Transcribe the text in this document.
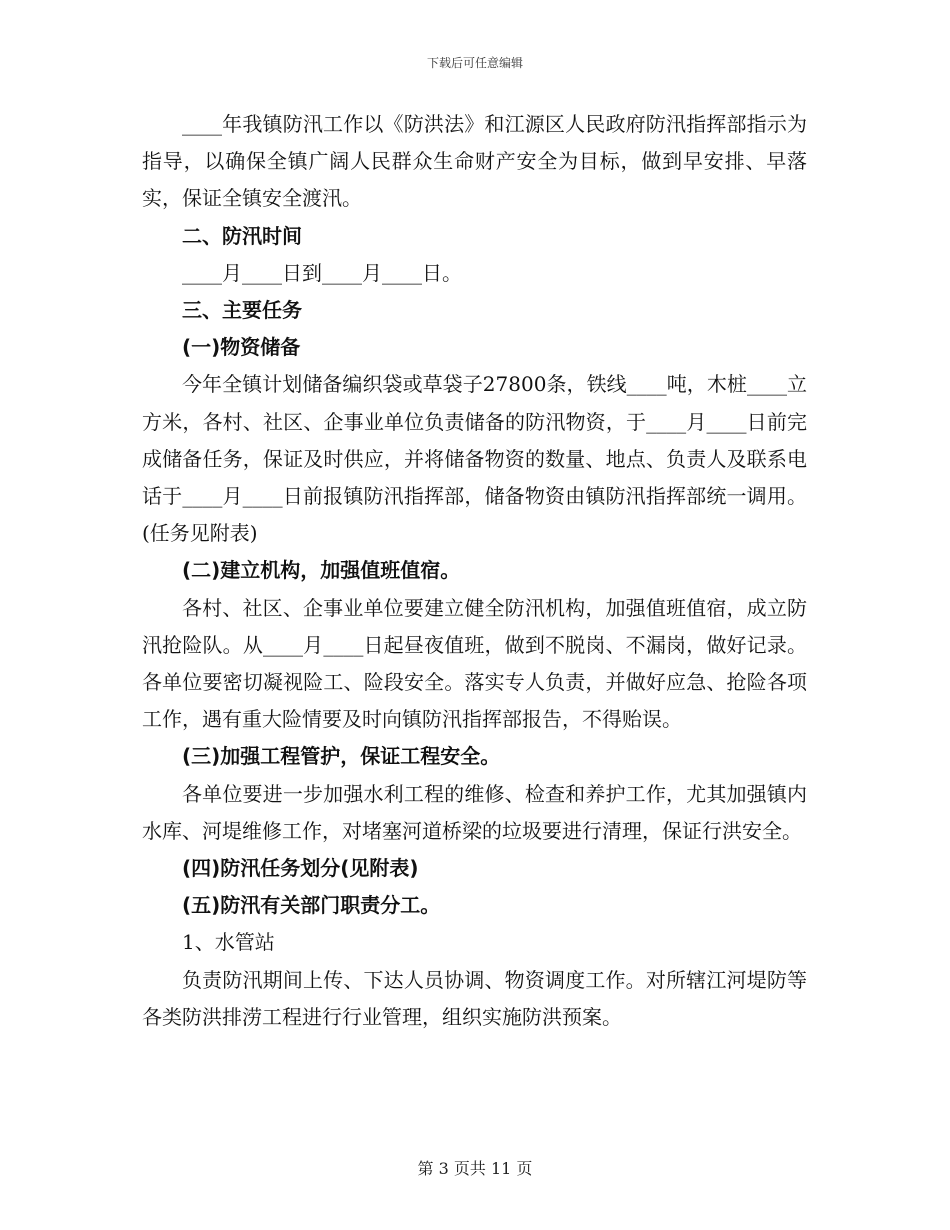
下载后可任意编辑

____年我镇防汛工作以《防洪法》和江源区人民政府防汛指挥部指示为指导，以确保全镇广阔人民群众生命财产安全为目标，做到早安排、早落实，保证全镇安全渡汛。

二、防汛时间

____月____日到____月____日。

三、主要任务

(一)物资储备

今年全镇计划储备编织袋或草袋子27800条，铁线____吨，木桩____立方米，各村、社区、企事业单位负责储备的防汛物资，于____月____日前完成储备任务，保证及时供应，并将储备物资的数量、地点、负责人及联系电话于____月____日前报镇防汛指挥部，储备物资由镇防汛指挥部统一调用。(任务见附表)

(二)建立机构，加强值班值宿。

各村、社区、企事业单位要建立健全防汛机构，加强值班值宿，成立防汛抢险队。从____月____日起昼夜值班，做到不脱岗、不漏岗，做好记录。各单位要密切凝视险工、险段安全。落实专人负责，并做好应急、抢险各项工作，遇有重大险情要及时向镇防汛指挥部报告，不得贻误。

(三)加强工程管护，保证工程安全。

各单位要进一步加强水利工程的维修、检查和养护工作，尤其加强镇内水库、河堤维修工作，对堵塞河道桥梁的垃圾要进行清理，保证行洪安全。

(四)防汛任务划分(见附表)

(五)防汛有关部门职责分工。

1、水管站

负责防汛期间上传、下达人员协调、物资调度工作。对所辖江河堤防等各类防洪排涝工程进行行业管理，组织实施防洪预案。

第 3 页共 11 页
